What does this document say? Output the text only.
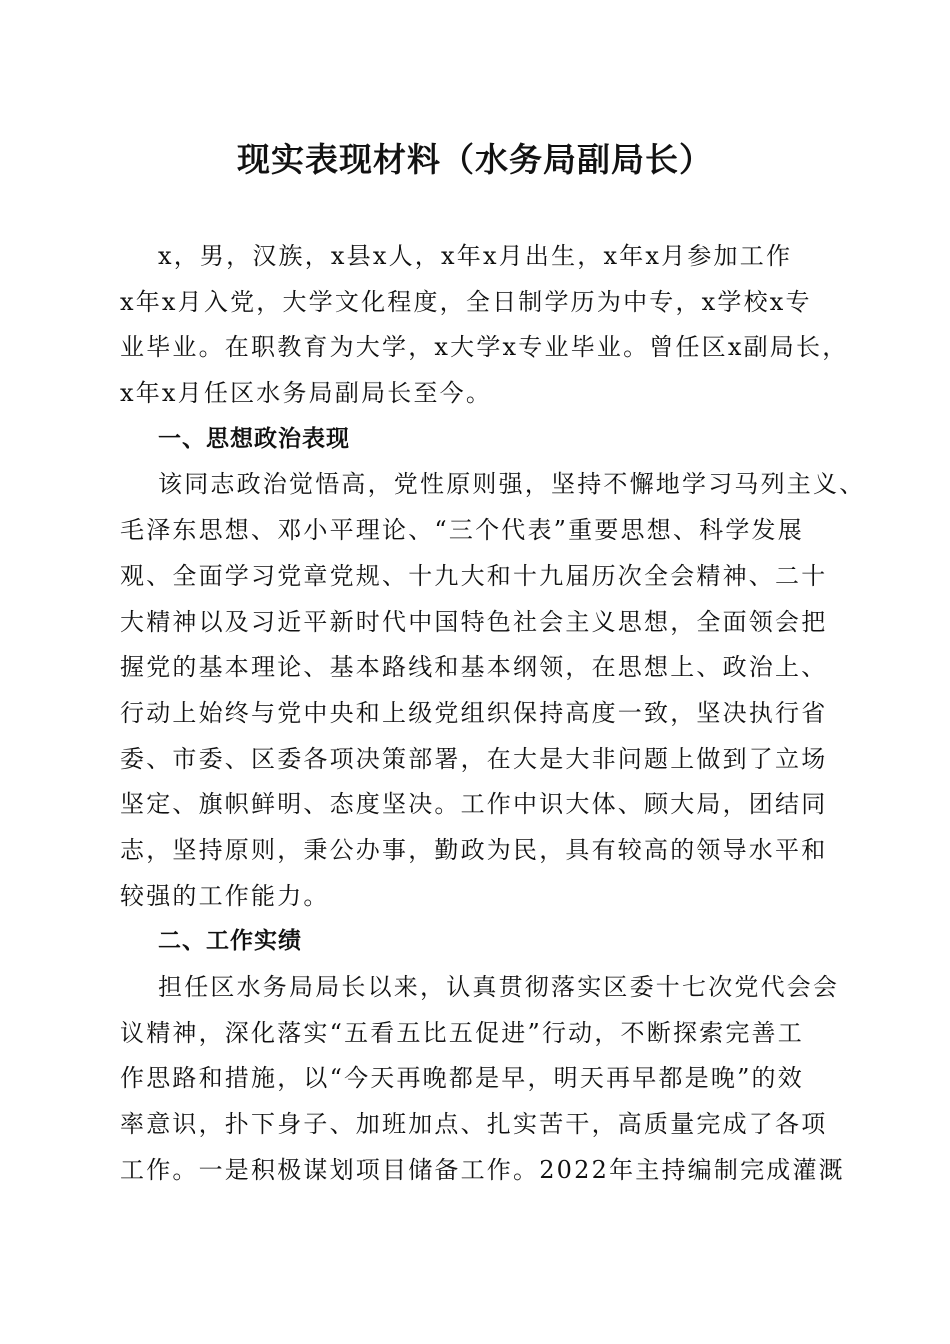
现实表现材料（水务局副局长）
x，男，汉族，x县x人，x年x月出生，x年x月参加工作
x年x月入党，大学文化程度，全日制学历为中专，x学校x专
业毕业。在职教育为大学，x大学x专业毕业。曾任区x副局长，
x年x月任区水务局副局长至今。
一、思想政治表现
该同志政治觉悟高，党性原则强，坚持不懈地学习马列主义、
毛泽东思想、邓小平理论、“三个代表”重要思想、科学发展
观、全面学习党章党规、十九大和十九届历次全会精神、二十
大精神以及习近平新时代中国特色社会主义思想，全面领会把
握党的基本理论、基本路线和基本纲领，在思想上、政治上、
行动上始终与党中央和上级党组织保持高度一致，坚决执行省
委、市委、区委各项决策部署，在大是大非问题上做到了立场
坚定、旗帜鲜明、态度坚决。工作中识大体、顾大局，团结同
志，坚持原则，秉公办事，勤政为民，具有较高的领导水平和
较强的工作能力。
二、工作实绩
担任区水务局局长以来，认真贯彻落实区委十七次党代会会
议精神，深化落实“五看五比五促进”行动，不断探索完善工
作思路和措施，以“今天再晚都是早，明天再早都是晚”的效
率意识，扑下身子、加班加点、扎实苦干，高质量完成了各项
工作。一是积极谋划项目储备工作。2022年主持编制完成灌溉
